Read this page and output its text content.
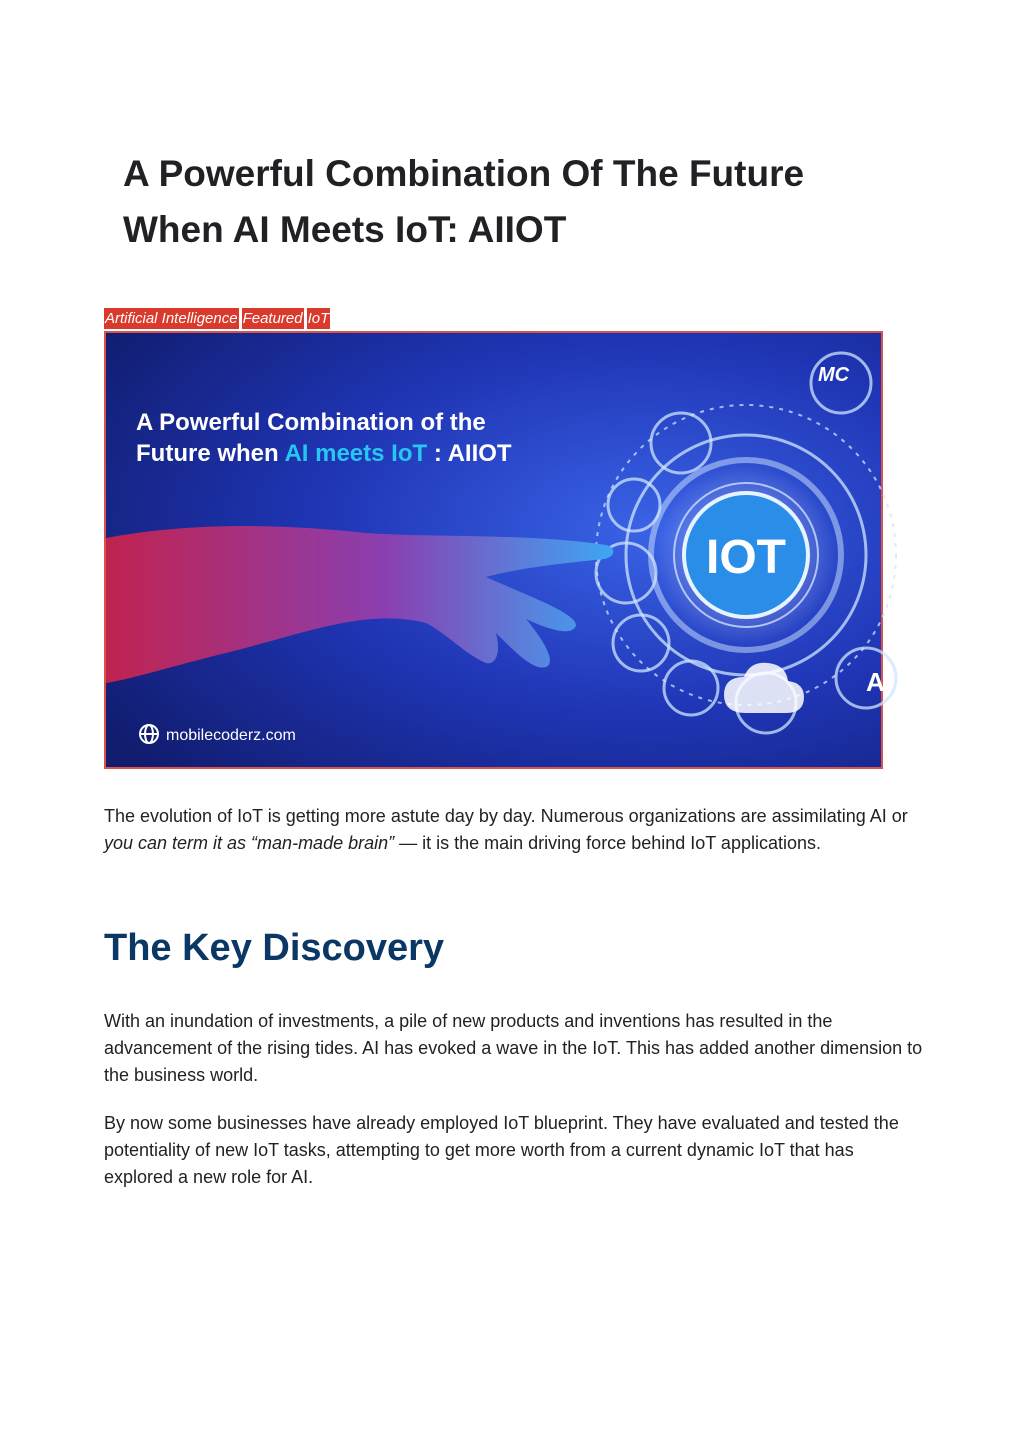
A Powerful Combination Of The Future
When AI Meets IoT: AIIOT
Artificial Intelligence Featured IoT
IOT
A Powerful Combination of the
Future when AI meets IoT : AIIOT
MC
A
mobilecoderz.com

The evolution of IoT is getting more astute day by day. Numerous organizations are assimilating AI or you can term it as “man-made brain” — it is the main driving force behind IoT applications.

The Key Discovery

With an inundation of investments, a pile of new products and inventions has resulted in the advancement of the rising tides. AI has evoked a wave in the IoT. This has added another dimension to the business world.

By now some businesses have already employed IoT blueprint. They have evaluated and tested the potentiality of new IoT tasks, attempting to get more worth from a current dynamic IoT that has explored a new role for AI.
